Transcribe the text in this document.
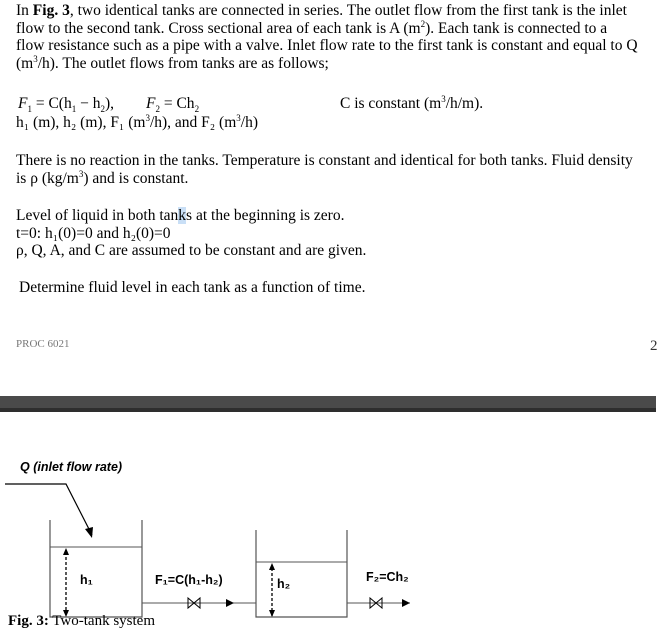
In Fig. 3, two identical tanks are connected in series. The outlet flow from the first tank is the inlet
flow to the second tank. Cross sectional area of each tank is A $(m^2)$. Each tank is connected to a
flow resistance such as a pipe with a valve. Inlet flow rate to the first tank is constant and equal to Q
$(m^3/h)$. The outlet flows from tanks are as follows;
$F_1 = C(h_1 - h_2)$, $F_2 = Ch_2$	C is constant $(m^3/h/m)$.
h₁ (m), h₂ (m), F₁ $(m^3/h)$, and F₂ $(m^3/h)$
There is no reaction in the tanks. Temperature is constant and identical for both tanks. Fluid density
is ρ $(kg/m^3)$ and is constant.
Level of liquid in both tanks at the beginning is zero.
t=0: h₁(0)=0 and h₂(0)=0
ρ, Q, A, and C are assumed to be constant and are given.
Determine fluid level in each tank as a function of time.
PROC 6021	2
Q (inlet flow rate)
h₁	F₁=C(h₁-h₂)	h₂	F₂=Ch₂
Fig. 3: Two-tank system
